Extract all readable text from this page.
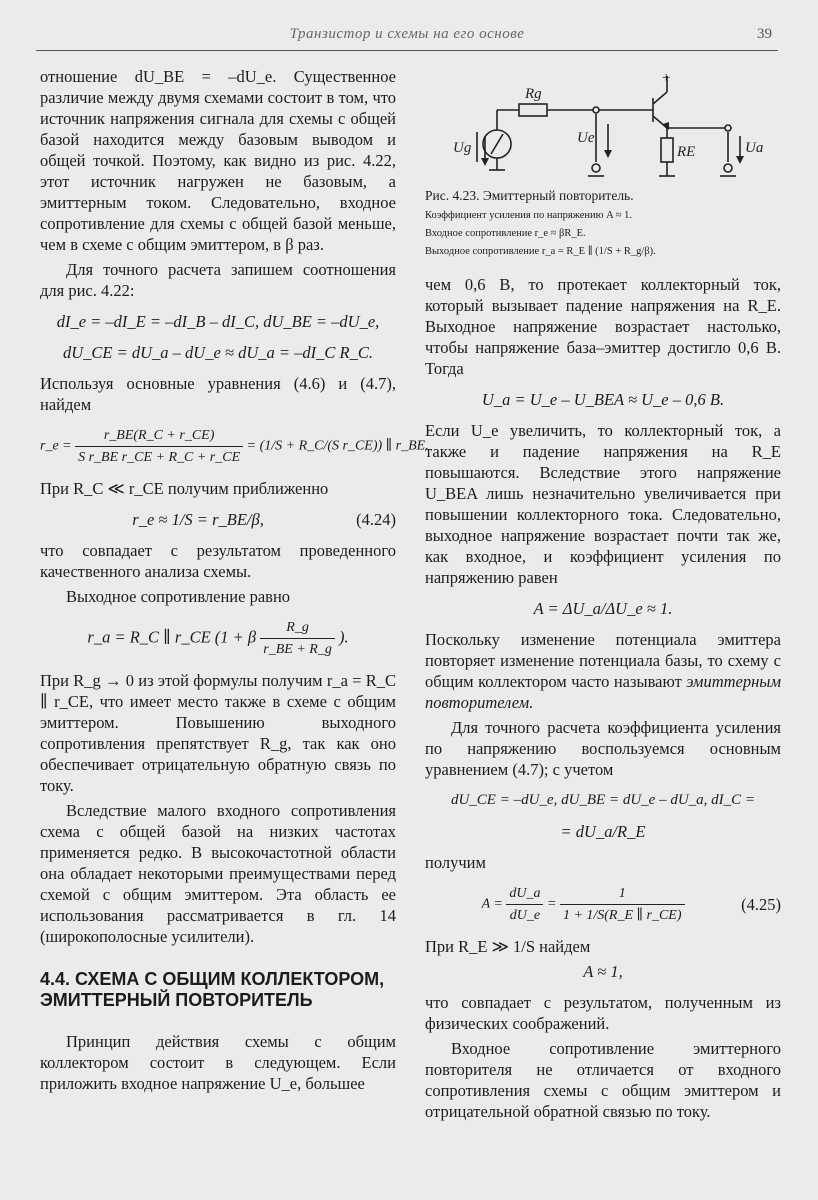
Транзистор и схемы на его основе	39

отношение dU_BE = –dU_e. Существенное различие между двумя схемами состоит в том, что источник напряжения сигнала для схемы с общей базой находится между базовым выводом и общей точкой. Поэтому, как видно из рис. 4.22, этот источник нагружен не базовым, а эмиттерным током. Следовательно, входное сопротивление для схемы с общей базой меньше, чем в схеме с общим эмиттером, в β раз.

Для точного расчета запишем соотношения для рис. 4.22:

dI_e = –dI_E = –dI_B – dI_C, dU_BE = –dU_e,
dU_CE = dU_a – dU_e ≈ dU_a = –dI_C R_C.

Используя основные уравнения (4.6) и (4.7), найдем

r_e = $\frac{r\_BE(R\_C + r\_CE)}{\text{S r\_BE r\_CE + R\_C + r\_CE}} = (1/S$ + R_C/(S r_CE)) ∥ r_BE.

При R_C ≪ r_CE получим приближенно

r_e ≈ 1/S = r_BE/β,	(4.24)

что совпадает с результатом проведенного качественного анализа схемы.

Выходное сопротивление равно

r_a = R_C ∥ r_CE (1 + β $\frac{R\_g}{r\_BE + R\_g}$ ).

При R_g → 0 из этой формулы получим r_a = R_C ∥ r_CE, что имеет место также в схеме с общим эмиттером. Повышению выходного сопротивления препятствует R_g, так как оно обеспечивает отрицательную обратную связь по току.

Вследствие малого входного сопротивления схема с общей базой на низких частотах применяется редко. В высокочастотной области она обладает некоторыми преимуществами перед схемой с общим эмиттером. Эта область ее использования рассматривается в гл. 14 (широкополосные усилители).

4.4. СХЕМА С ОБЩИМ КОЛЛЕКТОРОМ, ЭМИТТЕРНЫЙ ПОВТОРИТЕЛЬ

Принцип действия схемы с общим коллектором состоит в следующем. Если приложить входное напряжение U_e, большее

+
Rg
Ug
Ue
RE	Ua
Рис. 4.23. Эмиттерный повторитель.
Коэффициент усиления по напряжению A ≈ 1.
Входное сопротивление r_e ≈ βR_E.
Выходное сопротивление r_a = R_E ∥ (1/S + R_g/β).

чем 0,6 В, то протекает коллекторный ток, который вызывает падение напряжения на R_E. Выходное напряжение возрастает настолько, чтобы напряжение база–эмиттер достигло 0,6 В. Тогда

U_a = U_e – U_BEA ≈ U_e – 0,6 В.

Если U_e увеличить, то коллекторный ток, а также и падение напряжения на R_E повышаются. Вследствие этого напряжение U_BEA лишь незначительно увеличивается при повышении коллекторного тока. Следовательно, выходное напряжение возрастает почти так же, как входное, и коэффициент усиления по напряжению равен

A = ΔU_a/ΔU_e ≈ 1.

Поскольку изменение потенциала эмиттера повторяет изменение потенциала базы, то схему с общим коллектором часто называют эмиттерным повторителем.

Для точного расчета коэффициента усиления по напряжению воспользуемся основным уравнением (4.7); с учетом

dU_CE = –dU_e, dU_BE = dU_e – dU_a, dI_C =
= dU_a/R_E

получим

$A = \frac{dU\_a}{dU\_e} = \frac{1}{1 + 1/S(R\_E \parallel r\_CE)}$	(4.25)

При R_E ≫ 1/S найдем

A ≈ 1,

что совпадает с результатом, полученным из физических соображений.

Входное сопротивление эмиттерного повторителя не отличается от входного сопротивления схемы с общим эмиттером и отрицательной обратной связью по току.
